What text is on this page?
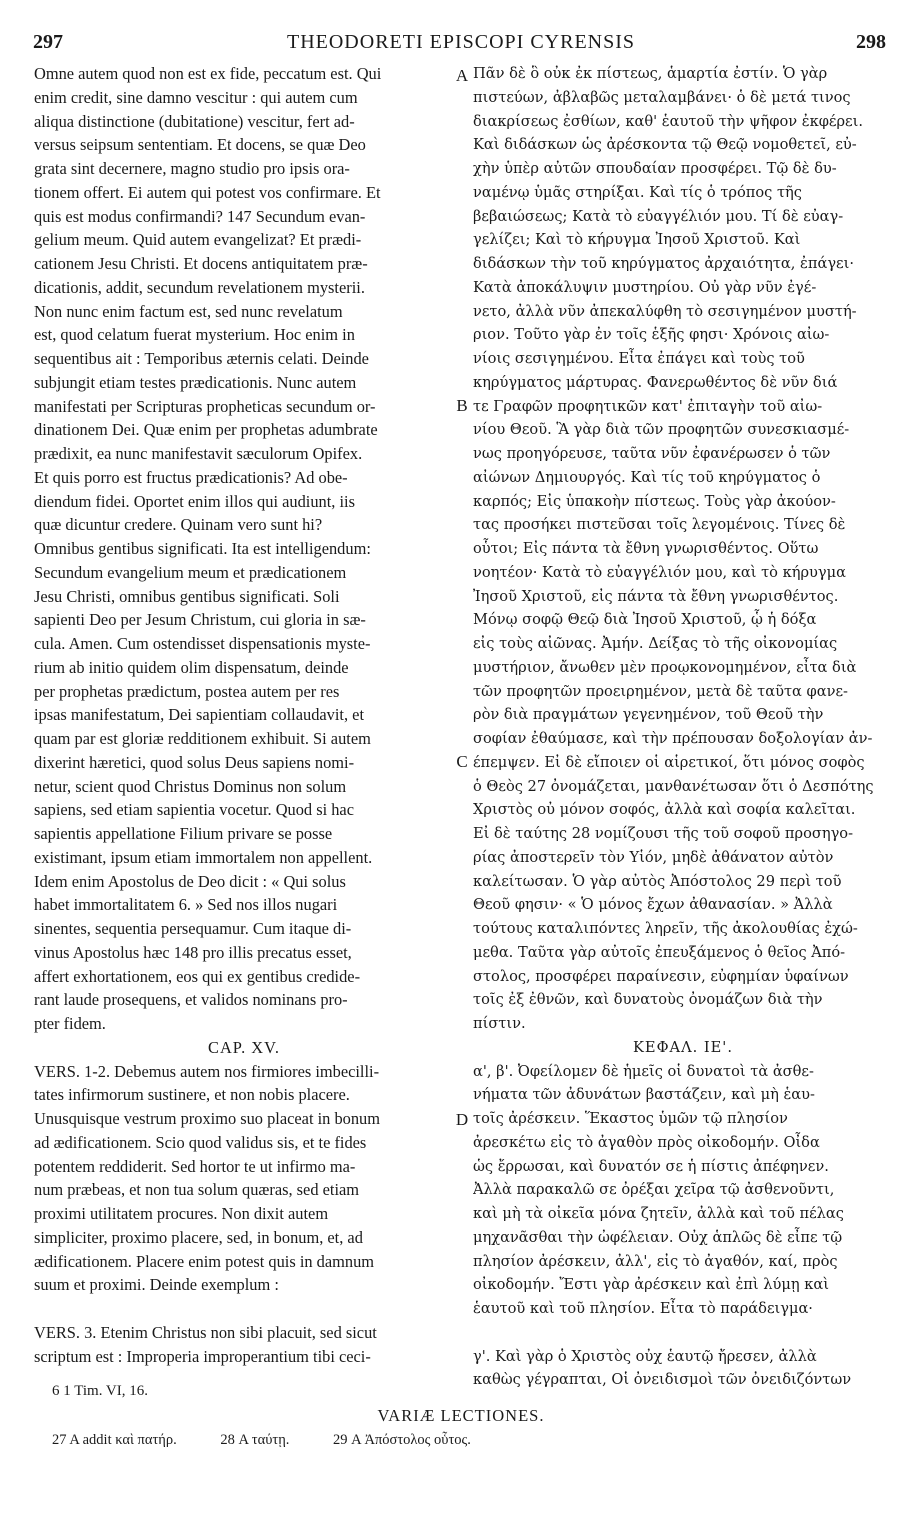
THEODORETI EPISCOPI CYRENSIS
297	298
Omne autem quod non est ex fide, peccatum est. Qui
enim credit, sine damno vescitur : qui autem cum
aliqua distinctione (dubitatione) vescitur, fert ad-
versus seipsum sententiam. Et docens, se quæ Deo
grata sint decernere, magno studio pro ipsis ora-
tionem offert. Ei autem qui potest vos confirmare. Et
quis est modus confirmandi? 147 Secundum evan-
gelium meum. Quid autem evangelizat? Et prædi-
cationem Jesu Christi. Et docens antiquitatem præ-
dicationis, addit, secundum revelationem mysterii.
Non nunc enim factum est, sed nunc revelatum
est, quod celatum fuerat mysterium. Hoc enim in
sequentibus ait : Temporibus æternis celati. Deinde
subjungit etiam testes prædicationis. Nunc autem
manifestati per Scripturas propheticas secundum or-
dinationem Dei. Quæ enim per prophetas adumbrate
prædixit, ea nunc manifestavit sæculorum Opifex.
Et quis porro est fructus prædicationis? Ad obe-
diendum fidei. Oportet enim illos qui audiunt, iis
quæ dicuntur credere. Quinam vero sunt hi?
Omnibus gentibus significati. Ita est intelligendum:
Secundum evangelium meum et prædicationem
Jesu Christi, omnibus gentibus significati. Soli
sapienti Deo per Jesum Christum, cui gloria in sæ-
cula. Amen. Cum ostendisset dispensationis myste-
rium ab initio quidem olim dispensatum, deinde
per prophetas prædictum, postea autem per res
ipsas manifestatum, Dei sapientiam collaudavit, et
quam par est gloriæ redditionem exhibuit. Si autem
dixerint hæretici, quod solus Deus sapiens nomi-
netur, scient quod Christus Dominus non solum
sapiens, sed etiam sapientia vocetur. Quod si hac
sapientis appellatione Filium privare se posse
existimant, ipsum etiam immortalem non appellent.
Idem enim Apostolus de Deo dicit : « Qui solus
habet immortalitatem 6. » Sed nos illos nugari
sinentes, sequentia persequamur. Cum itaque di-
vinus Apostolus hæc 148 pro illis precatus esset,
affert exhortationem, eos qui ex gentibus credide-
rant laude prosequens, et validos nominans pro-
pter fidem.
CAP. XV.
VERS. 1-2. Debemus autem nos firmiores imbecilli-
tates infirmorum sustinere, et non nobis placere.
Unusquisque vestrum proximo suo placeat in bonum
ad ædificationem. Scio quod validus sis, et te fides
potentem reddiderit. Sed hortor te ut infirmo ma-
num præbeas, et non tua solum quæras, sed etiam
proximi utilitatem procures. Non dixit autem
simpliciter, proximo placere, sed, in bonum, et, ad
ædificationem. Placere enim potest quis in damnum
suum et proximi. Deinde exemplum :
VERS. 3. Etenim Christus non sibi placuit, sed sicut
scriptum est : Improperia improperantium tibi ceci-
Πᾶν δὲ ὃ οὐκ ἐκ πίστεως, ἁμαρτία ἐστίν. Ὁ γὰρ
πιστεύων, ἀβλαβῶς μεταλαμβάνει· ὁ δὲ μετά τινος
διακρίσεως ἐσθίων, καθ' ἑαυτοῦ τὴν ψῆφον ἐκφέρει.
Καὶ διδάσκων ὡς ἀρέσκοντα τῷ Θεῷ νομοθετεῖ, εὐ-
χὴν ὑπὲρ αὐτῶν σπουδαίαν προσφέρει. Τῷ δὲ δυ-
ναμένῳ ὑμᾶς στηρίξαι. Καὶ τίς ὁ τρόπος τῆς
βεβαιώσεως; Κατὰ τὸ εὐαγγέλιόν μου. Τί δὲ εὐαγ-
γελίζει; Καὶ τὸ κήρυγμα Ἰησοῦ Χριστοῦ. Καὶ
διδάσκων τὴν τοῦ κηρύγματος ἀρχαιότητα, ἐπάγει·
Κατὰ ἀποκάλυψιν μυστηρίου. Οὐ γὰρ νῦν ἐγέ-
νετο, ἀλλὰ νῦν ἀπεκαλύφθη τὸ σεσιγημένον μυστή-
ριον. Τοῦτο γὰρ ἐν τοῖς ἑξῆς φησι· Χρόνοις αἰω-
νίοις σεσιγημένου. Εἶτα ἐπάγει καὶ τοὺς τοῦ
κηρύγματος μάρτυρας. Φανερωθέντος δὲ νῦν διά
τε Γραφῶν προφητικῶν κατ' ἐπιταγὴν τοῦ αἰω-
νίου Θεοῦ. Ἃ γὰρ διὰ τῶν προφητῶν συνεσκιασμέ-
νως προηγόρευσε, ταῦτα νῦν ἐφανέρωσεν ὁ τῶν
αἰώνων Δημιουργός. Καὶ τίς τοῦ κηρύγματος ὁ
καρπός; Εἰς ὑπακοὴν πίστεως. Τοὺς γὰρ ἀκούον-
τας προσήκει πιστεῦσαι τοῖς λεγομένοις. Τίνες δὲ
οὗτοι; Εἰς πάντα τὰ ἔθνη γνωρισθέντος. Οὕτω
νοητέον· Κατὰ τὸ εὐαγγέλιόν μου, καὶ τὸ κήρυγμα
Ἰησοῦ Χριστοῦ, εἰς πάντα τὰ ἔθνη γνωρισθέντος.
Μόνῳ σοφῷ Θεῷ διὰ Ἰησοῦ Χριστοῦ, ᾧ ἡ δόξα
εἰς τοὺς αἰῶνας. Ἀμήν. Δείξας τὸ τῆς οἰκονομίας
μυστήριον, ἄνωθεν μὲν προῳκονομημένον, εἶτα διὰ
τῶν προφητῶν προειρημένον, μετὰ δὲ ταῦτα φανε-
ρὸν διὰ πραγμάτων γεγενημένον, τοῦ Θεοῦ τὴν
σοφίαν ἐθαύμασε, καὶ τὴν πρέπουσαν δοξολογίαν ἀν-
έπεμψεν. Εἰ δὲ εἴποιεν οἱ αἱρετικοί, ὅτι μόνος σοφὸς
ὁ Θεὸς 27 ὀνομάζεται, μανθανέτωσαν ὅτι ὁ Δεσπότης
Χριστὸς οὐ μόνον σοφός, ἀλλὰ καὶ σοφία καλεῖται.
Εἰ δὲ ταύτης 28 νομίζουσι τῆς τοῦ σοφοῦ προσηγο-
ρίας ἀποστερεῖν τὸν Υἱόν, μηδὲ ἀθάνατον αὐτὸν
καλείτωσαν. Ὁ γὰρ αὐτὸς Ἀπόστολος 29 περὶ τοῦ
Θεοῦ φησιν· « Ὁ μόνος ἔχων ἀθανασίαν. » Ἀλλὰ
τούτους καταλιπόντες ληρεῖν, τῆς ἀκολουθίας ἐχώ-
μεθα. Ταῦτα γὰρ αὐτοῖς ἐπευξάμενος ὁ θεῖος Ἀπό-
στολος, προσφέρει παραίνεσιν, εὐφημίαν ὑφαίνων
τοῖς ἐξ ἐθνῶν, καὶ δυνατοὺς ὀνομάζων διὰ τὴν
πίστιν.
ΚΕΦΑΛ. ΙΕ'.
α', β'. Ὀφείλομεν δὲ ἡμεῖς οἱ δυνατοὶ τὰ ἀσθε-
νήματα τῶν ἀδυνάτων βαστάζειν, καὶ μὴ ἑαυ-
τοῖς ἀρέσκειν. Ἕκαστος ὑμῶν τῷ πλησίον
ἀρεσκέτω εἰς τὸ ἀγαθὸν πρὸς οἰκοδομήν. Οἶδα
ὡς ἔρρωσαι, καὶ δυνατόν σε ἡ πίστις ἀπέφηνεν.
Ἀλλὰ παρακαλῶ σε ὀρέξαι χεῖρα τῷ ἀσθενοῦντι,
καὶ μὴ τὰ οἰκεῖα μόνα ζητεῖν, ἀλλὰ καὶ τοῦ πέλας
μηχανᾶσθαι τὴν ὠφέλειαν. Οὐχ ἁπλῶς δὲ εἶπε τῷ
πλησίον ἀρέσκειν, ἀλλ', εἰς τὸ ἀγαθόν, καί, πρὸς
οἰκοδομήν. Ἔστι γὰρ ἀρέσκειν καὶ ἐπὶ λύμῃ καὶ
ἑαυτοῦ καὶ τοῦ πλησίον. Εἶτα τὸ παράδειγμα·
γ'. Καὶ γὰρ ὁ Χριστὸς οὐχ ἑαυτῷ ἤρεσεν, ἀλλὰ
καθὼς γέγραπται, Οἱ ὀνειδισμοὶ τῶν ὀνειδιζόντων
A
B
C
D
6 1 Tim. VI, 16.
VARIÆ LECTIONES.
27 A addit καὶ πατήρ.	28 A ταύτῃ.	29 A Ἀπόστολος οὗτος.
